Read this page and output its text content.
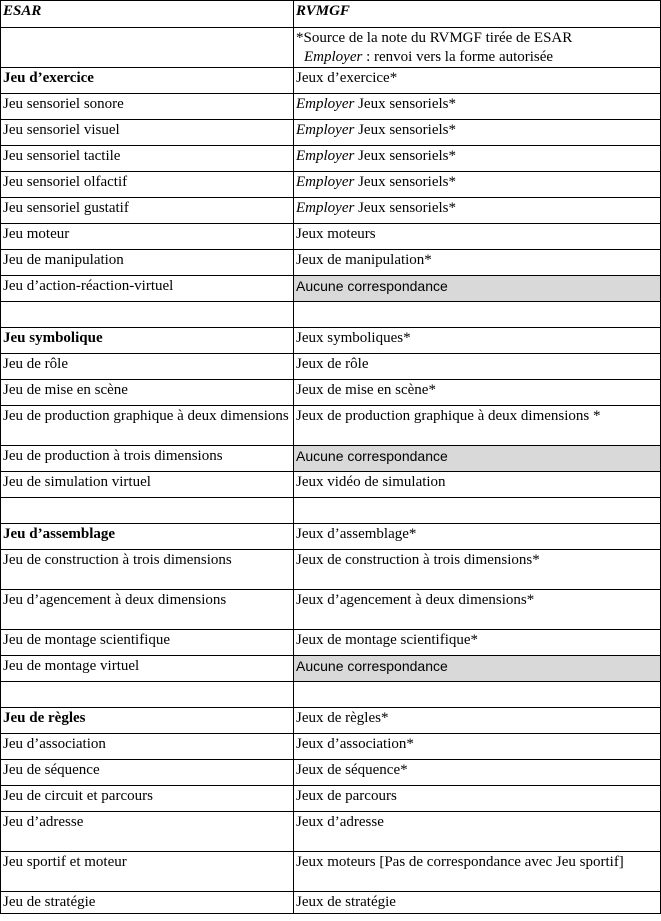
ESAR	RVMGF

	*Source de la note du RVMGF tirée de ESAR
Employer : renvoi vers la forme autorisée

Jeu d’exercice	Jeux d’exercice*
Jeu sensoriel sonore	Employer Jeux sensoriels*
Jeu sensoriel visuel	Employer Jeux sensoriels*
Jeu sensoriel tactile	Employer Jeux sensoriels*
Jeu sensoriel olfactif	Employer Jeux sensoriels*
Jeu sensoriel gustatif	Employer Jeux sensoriels*
Jeu moteur	Jeux moteurs
Jeu de manipulation	Jeux de manipulation*
Jeu d’action-réaction-virtuel	Aucune correspondance

Jeu symbolique	Jeux symboliques*
Jeu de rôle	Jeux de rôle
Jeu de mise en scène	Jeux de mise en scène*
Jeu de production graphique à deux dimensions	Jeux de production graphique à deux dimensions *
Jeu de production à trois dimensions	Aucune correspondance
Jeu de simulation virtuel	Jeux vidéo de simulation

Jeu d’assemblage	Jeux d’assemblage*
Jeu de construction à trois dimensions	Jeux de construction à trois dimensions*
Jeu d’agencement à deux dimensions	Jeux d’agencement à deux dimensions*
Jeu de montage scientifique	Jeux de montage scientifique*
Jeu de montage virtuel	Aucune correspondance

Jeu de règles	Jeux de règles*
Jeu d’association	Jeux d’association*
Jeu de séquence	Jeux de séquence*
Jeu de circuit et parcours	Jeux de parcours
Jeu d’adresse	Jeux d’adresse
Jeu sportif et moteur	Jeux moteurs [Pas de correspondance avec Jeu sportif]
Jeu de stratégie	Jeux de stratégie
